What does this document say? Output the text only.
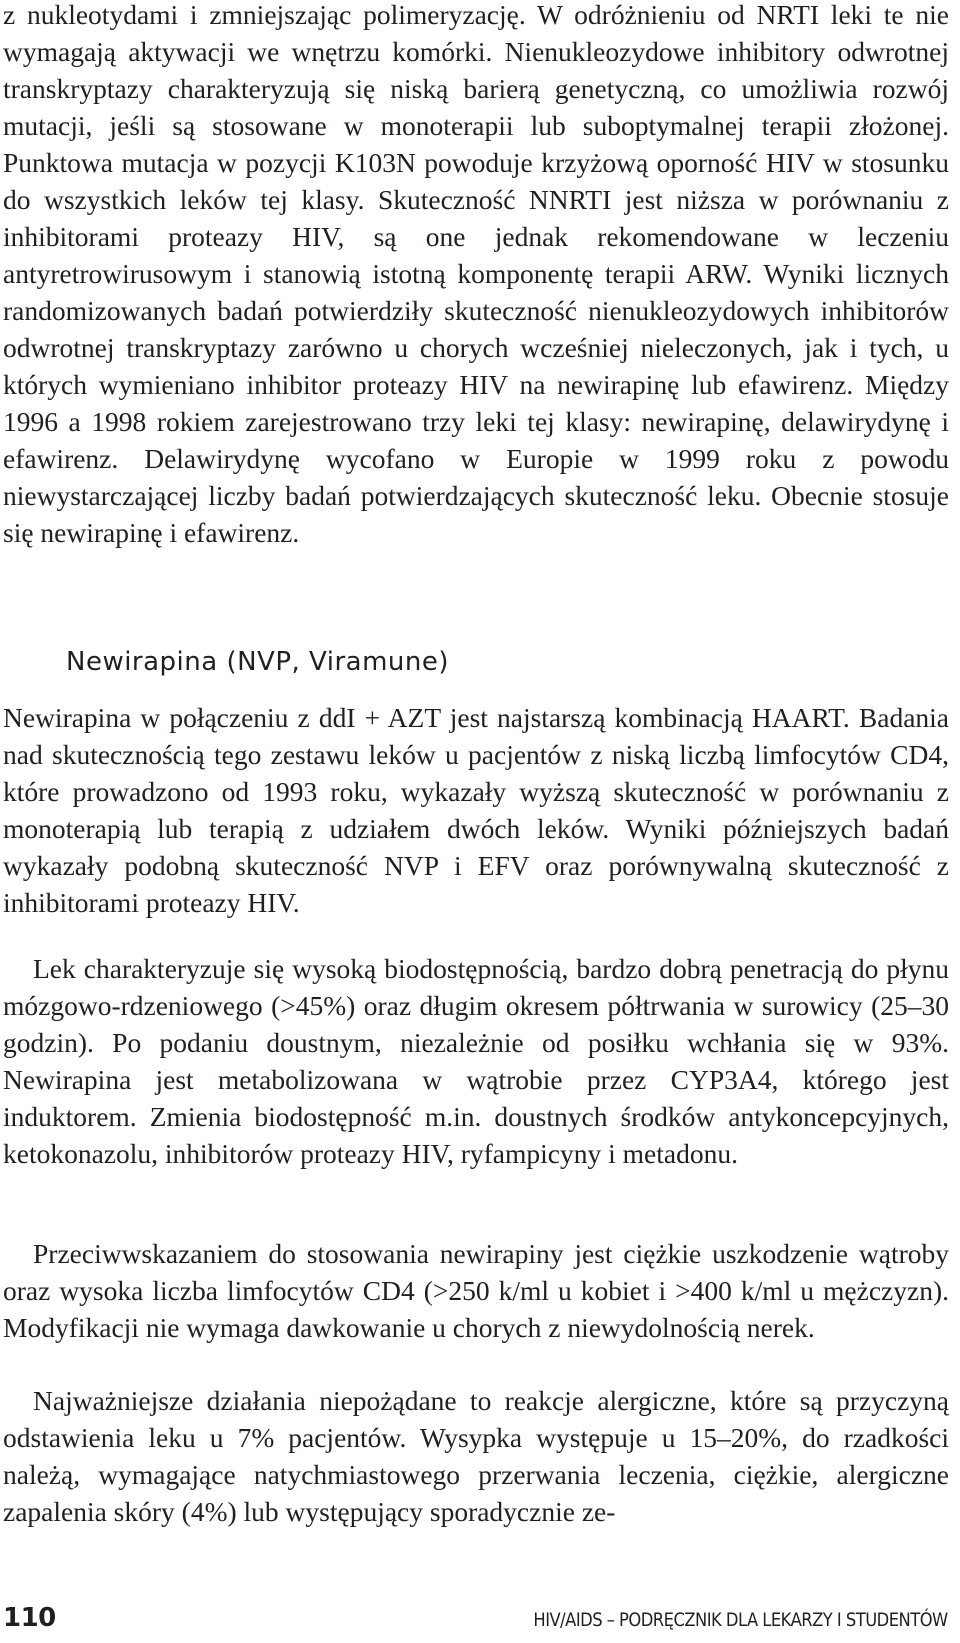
z nukleotydami i zmniejszając polimeryzację. W odróżnieniu od NRTI leki te nie wymagają aktywacji we wnętrzu komórki. Nienukleozydowe inhibitory odwrotnej transkryptazy charakteryzują się niską barierą genetyczną, co umożliwia rozwój mutacji, jeśli są stosowane w monoterapii lub suboptymalnej terapii złożonej. Punktowa mutacja w pozycji K103N powoduje krzyżową oporność HIV w stosunku do wszystkich leków tej klasy. Skuteczność NNRTI jest niższa w porównaniu z inhibitorami proteazy HIV, są one jednak rekomendowane w leczeniu antyretrowirusowym i stanowią istotną komponentę terapii ARW. Wyniki licznych randomizowanych badań potwierdziły skuteczność nienukleozydowych inhibitorów odwrotnej transkryptazy zarówno u chorych wcześniej nieleczonych, jak i tych, u których wymieniano inhibitor proteazy HIV na newirapinę lub efawirenz. Między 1996 a 1998 rokiem zarejestrowano trzy leki tej klasy: newirapinę, delawirydynę i efawirenz. Delawirydynę wycofano w Europie w 1999 roku z powodu niewystarczającej liczby badań potwierdzających skuteczność leku. Obecnie stosuje się newirapinę i efawirenz.

Newirapina (NVP, Viramune)

Newirapina w połączeniu z ddI + AZT jest najstarszą kombinacją HAART. Badania nad skutecznością tego zestawu leków u pacjentów z niską liczbą limfocytów CD4, które prowadzono od 1993 roku, wykazały wyższą skuteczność w porównaniu z monoterapią lub terapią z udziałem dwóch leków. Wyniki późniejszych badań wykazały podobną skuteczność NVP i EFV oraz porównywalną skuteczność z inhibitorami proteazy HIV.

Lek charakteryzuje się wysoką biodostępnością, bardzo dobrą penetracją do płynu mózgowo-rdzeniowego (>45%) oraz długim okresem półtrwania w surowicy (25–30 godzin). Po podaniu doustnym, niezależnie od posiłku wchłania się w 93%. Newirapina jest metabolizowana w wątrobie przez CYP3A4, którego jest induktorem. Zmienia biodostępność m.in. doustnych środków antykoncepcyjnych, ketokonazolu, inhibitorów proteazy HIV, ryfampicyny i metadonu.

Przeciwwskazaniem do stosowania newirapiny jest ciężkie uszkodzenie wątroby oraz wysoka liczba limfocytów CD4 (>250 k/ml u kobiet i >400 k/ml u mężczyzn). Modyfikacji nie wymaga dawkowanie u chorych z niewydolnością nerek.

Najważniejsze działania niepożądane to reakcje alergiczne, które są przyczyną odstawienia leku u 7% pacjentów. Wysypka występuje u 15–20%, do rzadkości należą, wymagające natychmiastowego przerwania leczenia, ciężkie, alergiczne zapalenia skóry (4%) lub występujący sporadycznie ze-

110	HIV/AIDS – PODRĘCZNIK DLA LEKARZY I STUDENTÓW
